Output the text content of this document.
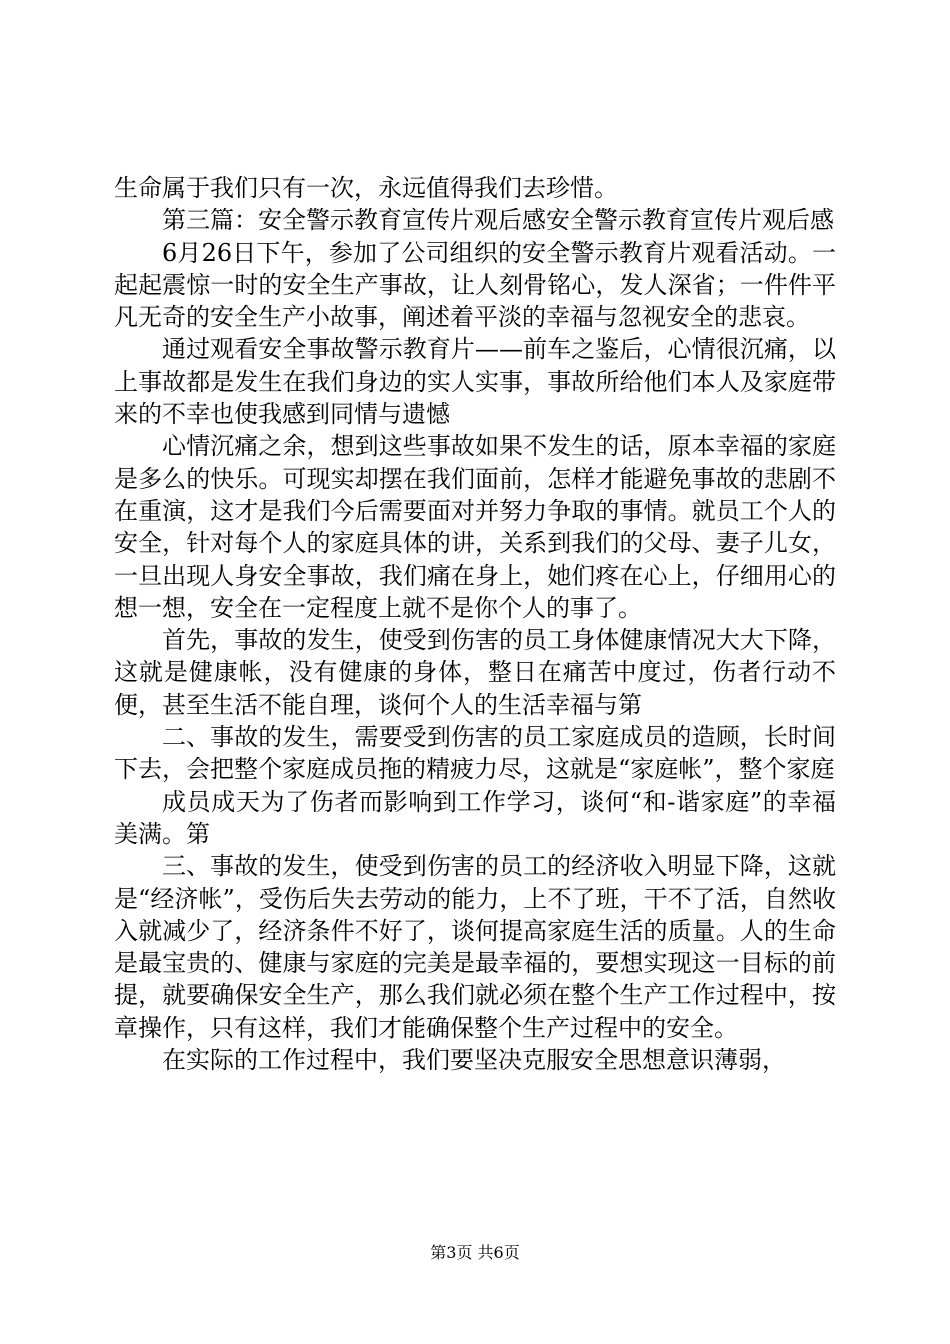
生命属于我们只有一次，永远值得我们去珍惜。

第三篇：安全警示教育宣传片观后感安全警示教育宣传片观后感

6月26日下午，参加了公司组织的安全警示教育片观看活动。一起起震惊一时的安全生产事故，让人刻骨铭心，发人深省；一件件平凡无奇的安全生产小故事，阐述着平淡的幸福与忽视安全的悲哀。

通过观看安全事故警示教育片——前车之鉴后，心情很沉痛，以上事故都是发生在我们身边的实人实事，事故所给他们本人及家庭带来的不幸也使我感到同情与遗憾

心情沉痛之余，想到这些事故如果不发生的话，原本幸福的家庭是多么的快乐。可现实却摆在我们面前，怎样才能避免事故的悲剧不在重演，这才是我们今后需要面对并努力争取的事情。就员工个人的安全，针对每个人的家庭具体的讲，关系到我们的父母、妻子儿女，一旦出现人身安全事故，我们痛在身上，她们疼在心上，仔细用心的想一想，安全在一定程度上就不是你个人的事了。

首先，事故的发生，使受到伤害的员工身体健康情况大大下降，这就是健康帐，没有健康的身体，整日在痛苦中度过，伤者行动不便，甚至生活不能自理，谈何个人的生活幸福与第

二、事故的发生，需要受到伤害的员工家庭成员的造顾，长时间下去，会把整个家庭成员拖的精疲力尽，这就是“家庭帐”，整个家庭

成员成天为了伤者而影响到工作学习，谈何“和-谐家庭”的幸福美满。第

三、事故的发生，使受到伤害的员工的经济收入明显下降，这就是“经济帐”，受伤后失去劳动的能力，上不了班，干不了活，自然收入就减少了，经济条件不好了，谈何提高家庭生活的质量。人的生命是最宝贵的、健康与家庭的完美是最幸福的，要想实现这一目标的前提，就要确保安全生产，那么我们就必须在整个生产工作过程中，按章操作，只有这样，我们才能确保整个生产过程中的安全。

在实际的工作过程中，我们要坚决克服安全思想意识薄弱，

第3页 共6页
